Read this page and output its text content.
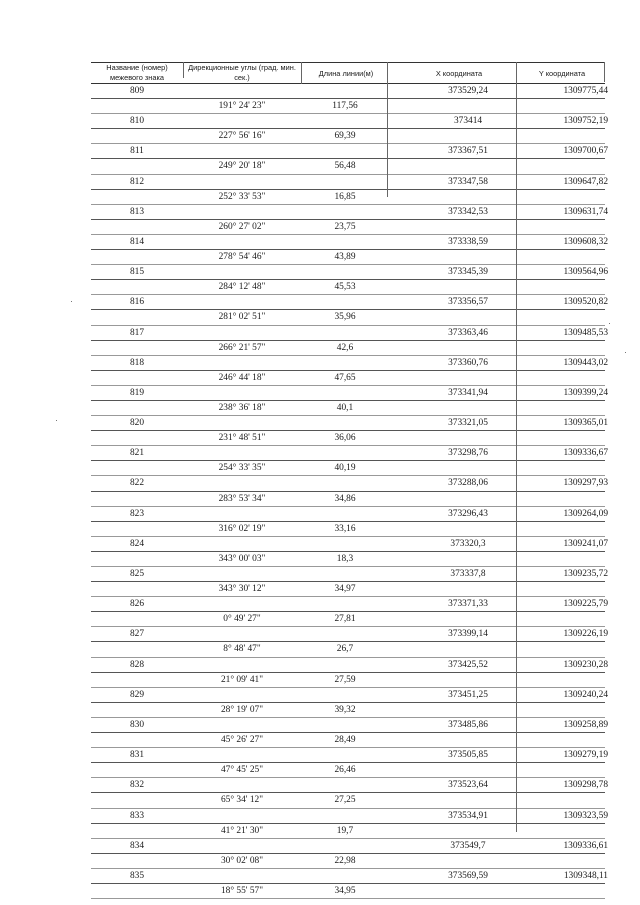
Название (номер) межевого знака
Дирекционные углы (град. мин. сек.)	Длина линии(м)	X координата	Y координата
809	373529,24	1309775,44
191° 24' 23"	117,56
810	373414	1309752,19
227° 56' 16"	69,39
811	373367,51	1309700,67
249° 20' 18"	56,48
812	373347,58	1309647,82
252° 33' 53"	16,85
813	373342,53	1309631,74
260° 27' 02"	23,75
814	373338,59	1309608,32
278° 54' 46"	43,89
815	373345,39	1309564,96
284° 12' 48"	45,53
816	373356,57	1309520,82
281° 02' 51"	35,96
817	373363,46	1309485,53
266° 21' 57"	42,6
818	373360,76	1309443,02
246° 44' 18"	47,65
819	373341,94	1309399,24
238° 36' 18"	40,1
820	373321,05	1309365,01
231° 48' 51"	36,06
821	373298,76	1309336,67
254° 33' 35"	40,19
822	373288,06	1309297,93
283° 53' 34"	34,86
823	373296,43	1309264,09
316° 02' 19"	33,16
824	373320,3	1309241,07
343° 00' 03"	18,3
825	373337,8	1309235,72
343° 30' 12"	34,97
826	373371,33	1309225,79
0° 49' 27"	27,81
827	373399,14	1309226,19
8° 48' 47"	26,7
828	373425,52	1309230,28
21° 09' 41"	27,59
829	373451,25	1309240,24
28° 19' 07"	39,32
830	373485,86	1309258,89
45° 26' 27"	28,49
831	373505,85	1309279,19
47° 45' 25"	26,46
832	373523,64	1309298,78
65° 34' 12"	27,25
833	373534,91	1309323,59
41° 21' 30"	19,7
834	373549,7	1309336,61
30° 02' 08"	22,98
835	373569,59	1309348,11
18° 55' 57"	34,95
